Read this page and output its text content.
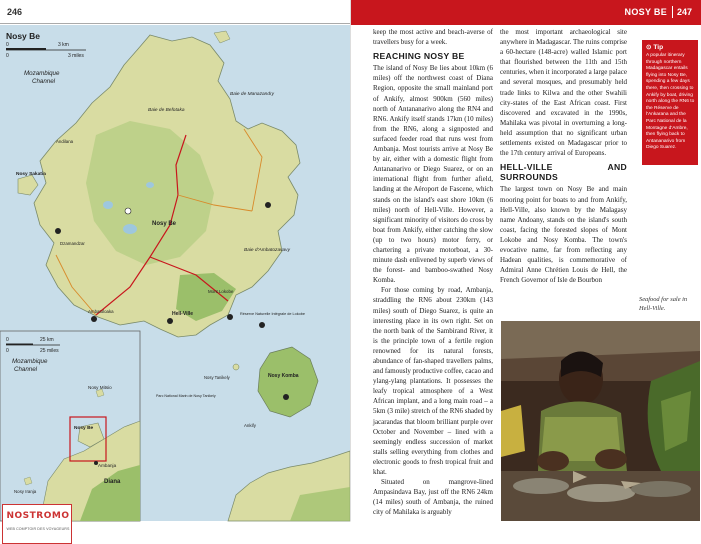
246
Nosy Be
0	3 km
0	3 miles
Mozambique
Channel
Nosy Be
Hell-Ville
Nosy Sakatia
Nosy Komba
Nosy Tanikely
Baie de Befotaka
Baie de Manazandry
Baie d'Ambatozavavy
Mont Lokobe
Réserve Naturelle Intégrale de Lokobe
Ambatoloaka
Andilana
Dzamandzar
Ankify
Parc National Marin de Nosy Tanikely
0	25 km
0	25 miles
Mozambique
Channel
Nosy Mitsio
Nosy Be
Diana
Ambanja
Nosy Iranja
NOSTROMO
WEB COMPTOIR DES VOYAGEURS
NOSY BE 247
keep the most active and beach-averse of travellers busy for a week.
REACHING NOSY BE
The island of Nosy Be lies about 10km (6 miles) off the northwest coast of Diana Region, opposite the small mainland port of Ankify, almost 900km (560 miles) north of Antananarivo along the RN4 and RN6. Ankify itself stands 17km (10 miles) from the RN6, along a signposted and surfaced feeder road that runs west from Ambanja. Most tourists arrive at Nosy Be by air, either with a domestic flight from Antananarivo or Diego Suarez, or on an international flight from further afield, landing at the Aéroport de Fascene, which stands on the island's east shore 10km (6 miles) north of Hell-Ville. However, a significant minority of visitors do cross by boat from Ankify, either catching the slow (up to two hours) motor ferry, or chartering a private motorboat, a 30-minute dash enlivened by superb views of the forest- and bamboo-swathed Nosy Komba.
For those coming by road, Ambanja, straddling the RN6 about 230km (143 miles) south of Diego Suarez, is quite an interesting place in its own right. Set on the north bank of the Sambirand River, it is the principle town of a fertile region renowned for its natural forests, abundance of fan-shaped travellers palms, and famously productive coffee, cacao and ylang-ylang plantations. It possesses the leafy tropical atmosphere of a West African implant, and a long main road – a 5km (3 mile) stretch of the RN6 shaded by jacarandas that bloom brilliant purple over October and November – lined with a seemingly endless succession of market stalls selling everything from clothes and electronic goods to fresh tropical fruit and khat.
Situated on mangrove-lined Ampasindava Bay, just off the RN6 24km (14 miles) south of Ambanja, the ruined city of Mahilaka is arguably
the most important archaeological site anywhere in Madagascar. The ruins comprise a 60-hectare (148-acre) walled Islamic port that flourished between the 11th and 15th centuries, when it incorporated a large palace and several mosques, and presumably held trade links to Kilwa and the other Swahili city-states of the East African coast. First discovered and excavated in the 1990s, Mahilaka was pivotal in overturning a long-held assumption that no significant urban settlements existed on Madagascar prior to the 17th century arrival of Europeans.
HELL-VILLE AND SURROUNDS
The largest town on Nosy Be and main mooring point for boats to and from Ankify, Hell-Ville, also known by the Malagasy name Andoany, stands on the island's south coast, facing the forested slopes of Mont Lokobe and Nosy Komba. The town's evocative name, far from reflecting any Hadean qualities, is commemorative of Admiral Anne Chrétien Louis de Hell, the French Governor of Isle de Bourbon
⊙ Tip
A popular itinerary through northern Madagascar entails flying into Nosy Be, spending a few days there, then crossing to Ankify by boat, driving north along the RN6 to the Réserve de l'Ankarana and the Parc National de la Montagne d'Ambre, then flying back to Antananarivo from Diego Suarez.
Seafood for sale in Hell-Ville.
